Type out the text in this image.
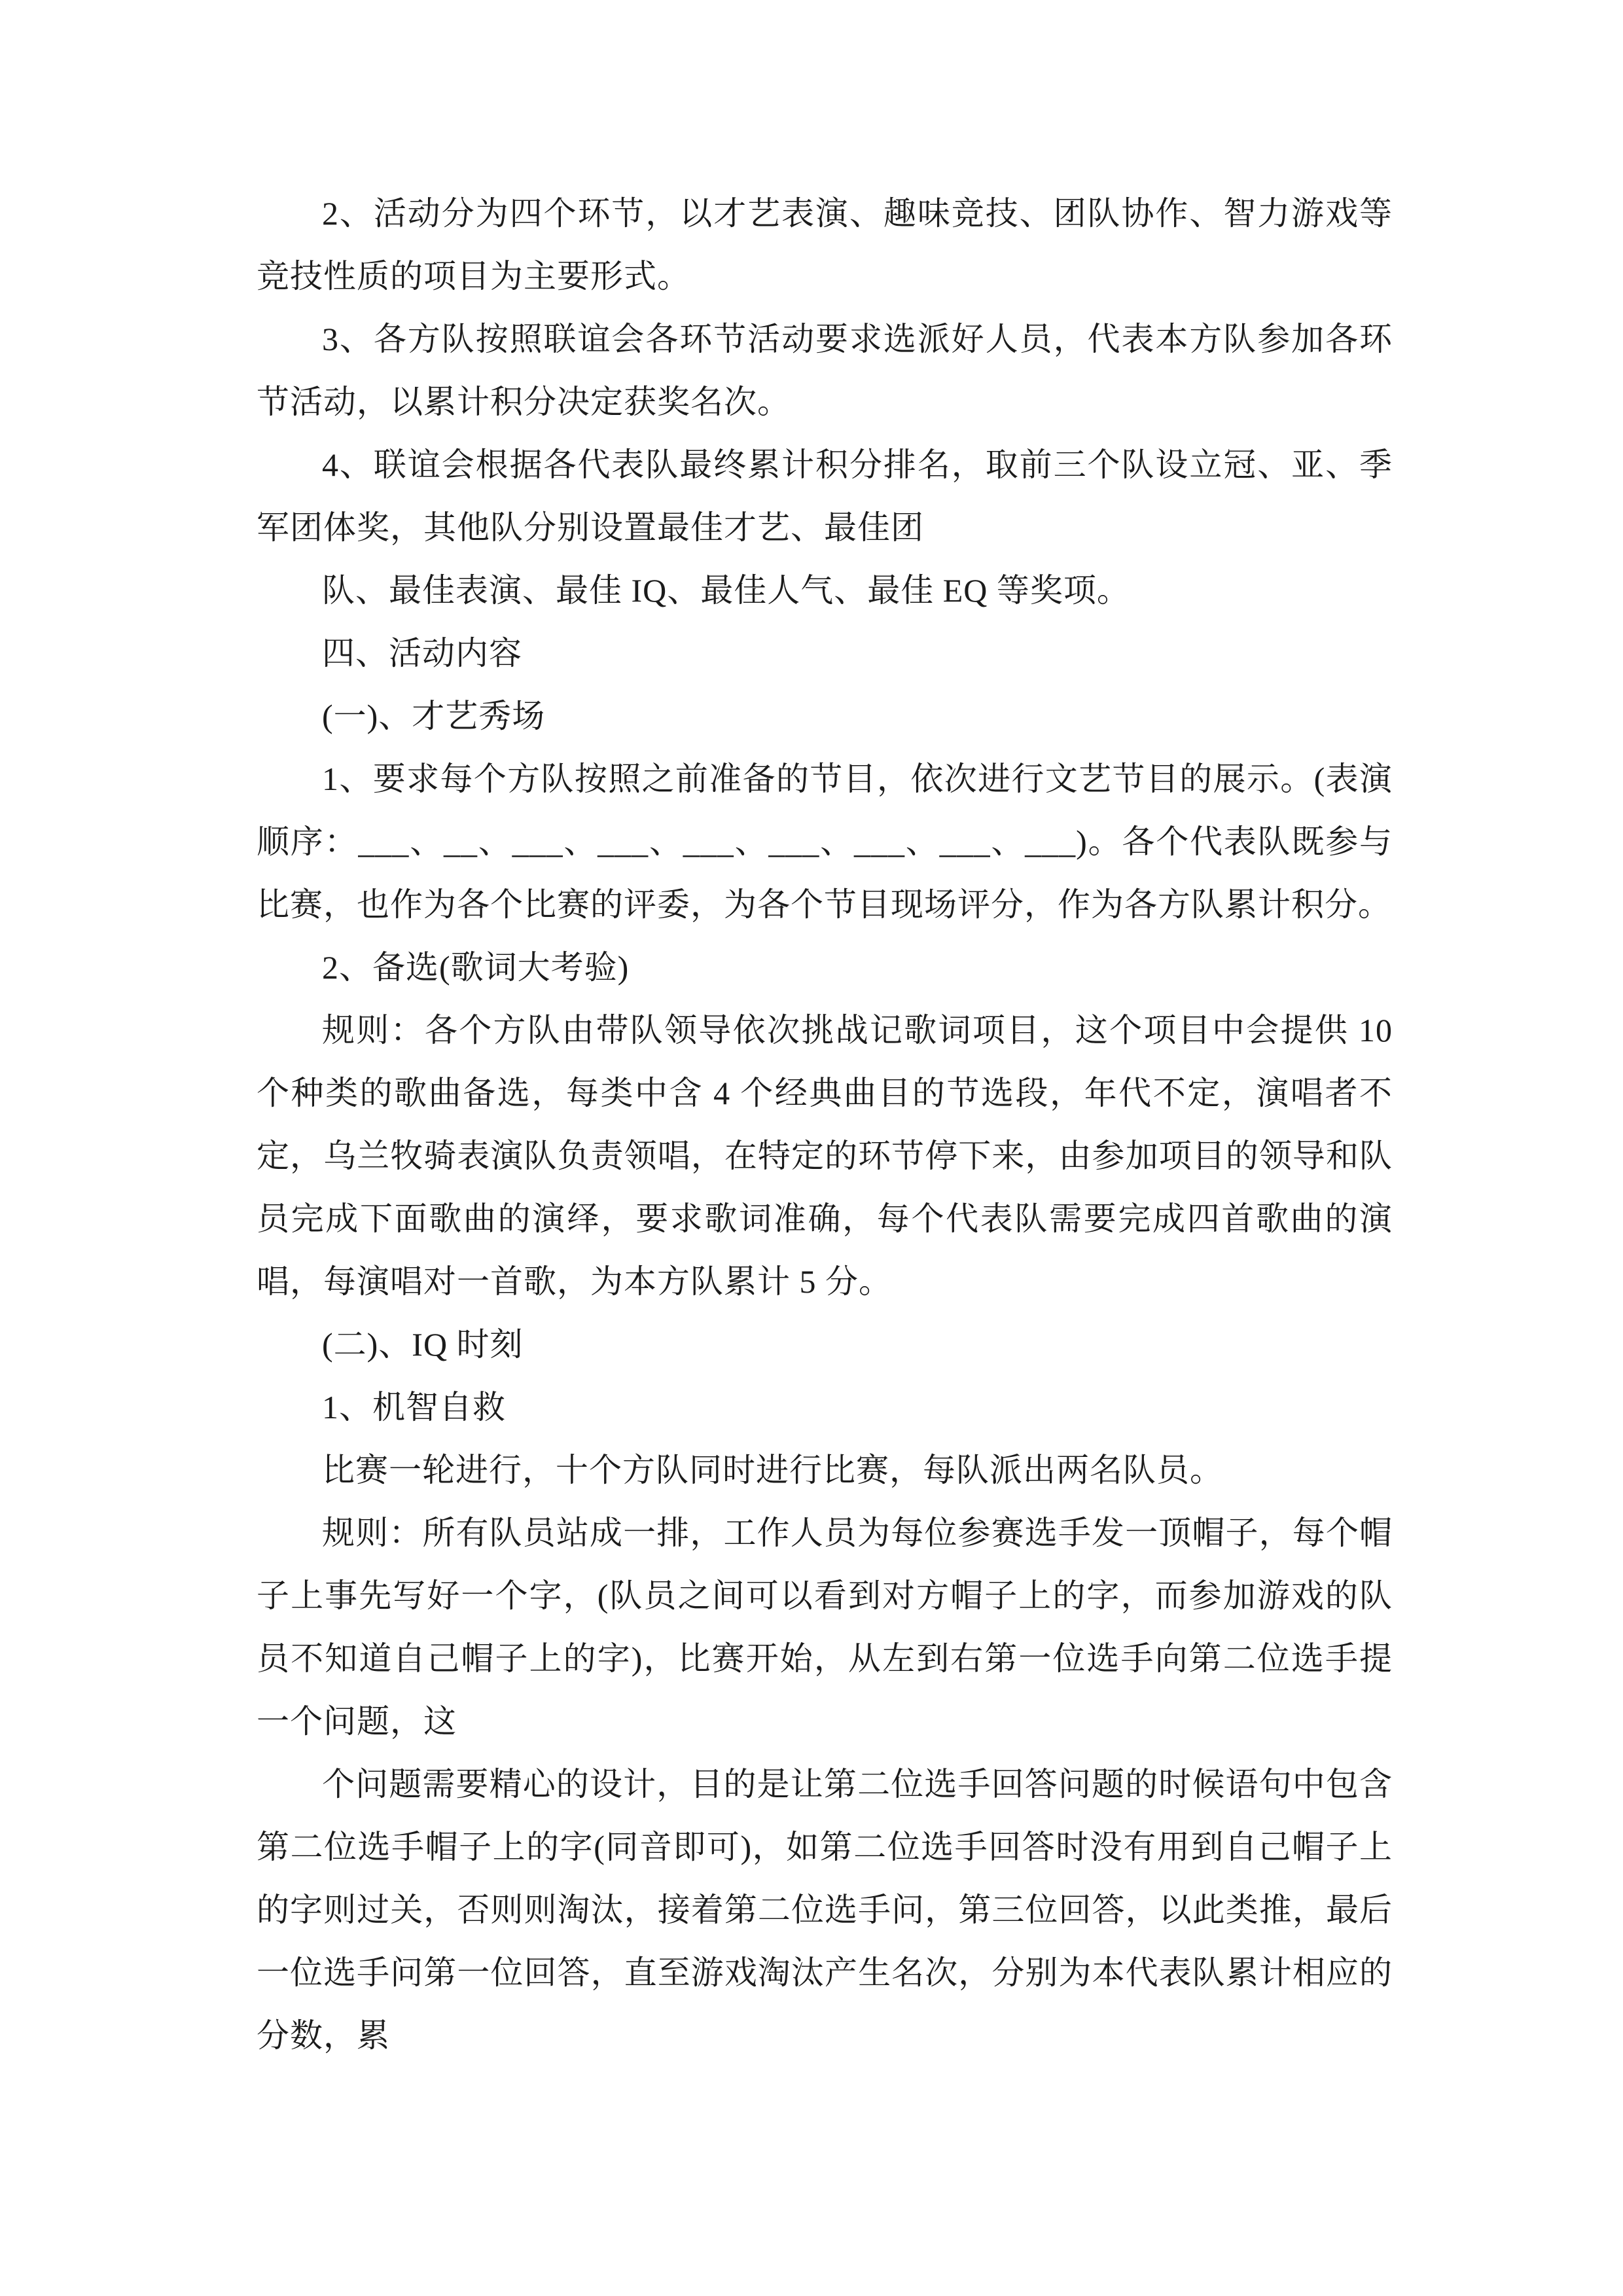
2、活动分为四个环节，以才艺表演、趣味竞技、团队协作、智力游戏等竞技性质的项目为主要形式。

3、各方队按照联谊会各环节活动要求选派好人员，代表本方队参加各环节活动，以累计积分决定获奖名次。

4、联谊会根据各代表队最终累计积分排名，取前三个队设立冠、亚、季军团体奖，其他队分别设置最佳才艺、最佳团

队、最佳表演、最佳 IQ、最佳人气、最佳 EQ 等奖项。

四、活动内容

(一)、才艺秀场

1、要求每个方队按照之前准备的节目，依次进行文艺节目的展示。(表演顺序：___、__、___、___、___、___、___、___、___)。各个代表队既参与比赛，也作为各个比赛的评委，为各个节目现场评分，作为各方队累计积分。

2、备选(歌词大考验)

规则：各个方队由带队领导依次挑战记歌词项目，这个项目中会提供 10 个种类的歌曲备选，每类中含 4 个经典曲目的节选段，年代不定，演唱者不定，乌兰牧骑表演队负责领唱，在特定的环节停下来，由参加项目的领导和队员完成下面歌曲的演绎，要求歌词准确，每个代表队需要完成四首歌曲的演唱，每演唱对一首歌，为本方队累计 5 分。

(二)、IQ 时刻

1、机智自救

比赛一轮进行，十个方队同时进行比赛，每队派出两名队员。

规则：所有队员站成一排，工作人员为每位参赛选手发一顶帽子，每个帽子上事先写好一个字，(队员之间可以看到对方帽子上的字，而参加游戏的队员不知道自己帽子上的字)，比赛开始，从左到右第一位选手向第二位选手提一个问题，这

个问题需要精心的设计，目的是让第二位选手回答问题的时候语句中包含第二位选手帽子上的字(同音即可)，如第二位选手回答时没有用到自己帽子上的字则过关，否则则淘汰，接着第二位选手问，第三位回答，以此类推，最后一位选手问第一位回答，直至游戏淘汰产生名次，分别为本代表队累计相应的分数，累
